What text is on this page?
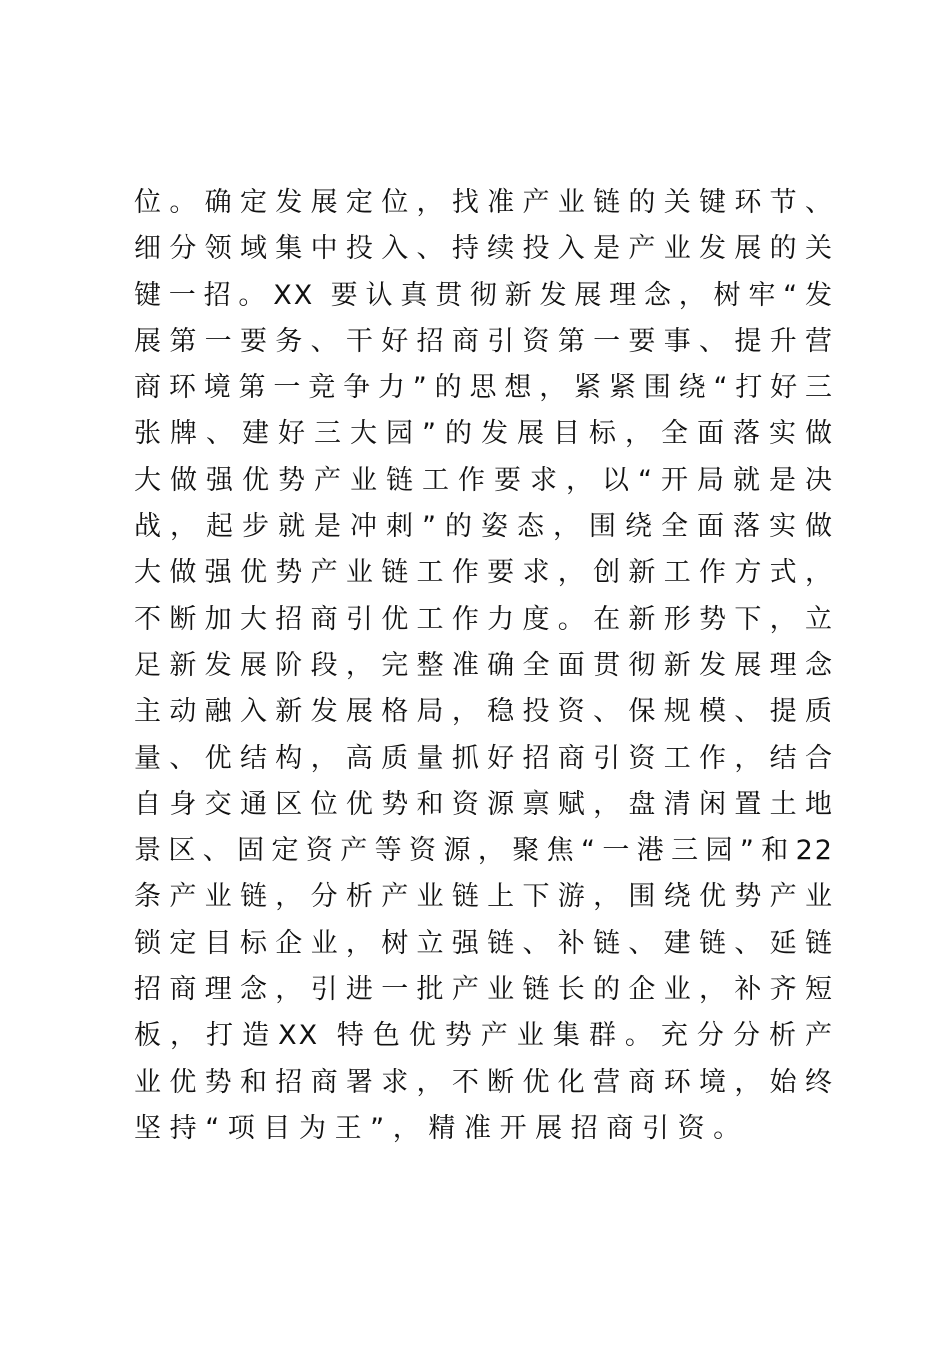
位。确定发展定位，找准产业链的关键环节、
细分领域集中投入、持续投入是产业发展的关
键一招。XX 要认真贯彻新发展理念，树牢“发
展第一要务、干好招商引资第一要事、提升营
商环境第一竞争力”的思想，紧紧围绕“打好三
张牌、建好三大园”的发展目标，全面落实做
大做强优势产业链工作要求，以“开局就是决
战，起步就是冲刺”的姿态，围绕全面落实做
大做强优势产业链工作要求，创新工作方式，
不断加大招商引优工作力度。在新形势下，立
足新发展阶段，完整准确全面贯彻新发展理念
主动融入新发展格局，稳投资、保规模、提质
量、优结构，高质量抓好招商引资工作，结合
自身交通区位优势和资源禀赋，盘清闲置土地
景区、固定资产等资源，聚焦“一港三园”和22
条产业链，分析产业链上下游，围绕优势产业
锁定目标企业，树立强链、补链、建链、延链
招商理念，引进一批产业链长的企业，补齐短
板，打造XX 特色优势产业集群。充分分析产
业优势和招商署求，不断优化营商环境，始终
坚持“项目为王”，精准开展招商引资。
